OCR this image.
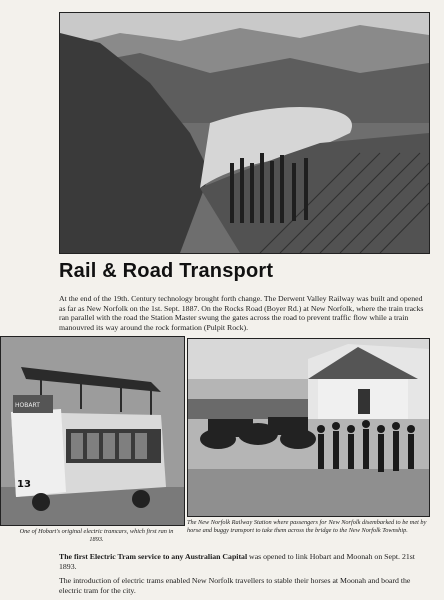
Rail & Road Transport
At the end of the 19th. Century technology brought forth change. The Derwent Valley Railway was built and opened as far as New Norfolk on the 1st. Sept. 1887. On the Rocks Road (Boyer Rd.) at New Norfolk, where the train tracks ran parallel with the road the Station Master swung the gates across the road to prevent traffic flow while a train manouvred its way around the rock formation (Pulpit Rock).
HOBART
13
One of Hobart's original electric tramcars, which first ran in 1893.
The New Norfolk Railway Station where passengers for New Norfolk disembarked to be met by horse and buggy transport to take them across the bridge to the New Norfolk Township.
The first Electric Tram service to any Australian Capital was opened to link Hobart and Moonah on Sept. 21st 1893.
The introduction of electric trams enabled New Norfolk travellers to stable their horses at Moonah and board the electric tram for the city.
